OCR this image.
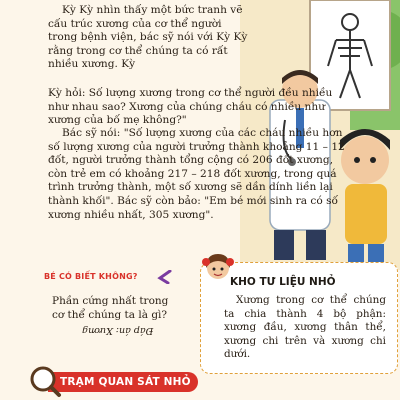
Kỳ Kỳ nhìn thấy một bức tranh vẽ cấu trúc xương của cơ thể người trong bệnh viện, bác sỹ nói với Kỳ Kỳ rằng trong cơ thể chúng ta có rất nhiều xương. Kỳ

Kỳ hỏi: Số lượng xương trong cơ thể người đều nhiều như nhau sao? Xương của chúng cháu có nhiều như xương của bố mẹ không?"

Bác sỹ nói: "Số lượng xương của các cháu nhiều hơn số lượng xương của người trưởng thành khoảng 11 – 12 đốt, người trưởng thành tổng cộng có 206 đốt xương, còn trẻ em có khoảng 217 – 218 đốt xương, trong quá trình trưởng thành, một số xương sẽ dần dính liền lại thành khối". Bác sỹ còn bảo: "Em bé mới sinh ra có số xương nhiều nhất, 305 xương".

BÉ CÓ BIẾT KHÔNG?
Phần cứng nhất trong cơ thể chúng ta là gì?
Đáp án: Xương
KHO TƯ LIỆU NHỎ
Xương trong cơ thể chúng ta chia thành 4 bộ phận: xương đầu, xương thân thể, xương chi trên và xương chi dưới.
TRẠM QUAN SÁT NHỎ
